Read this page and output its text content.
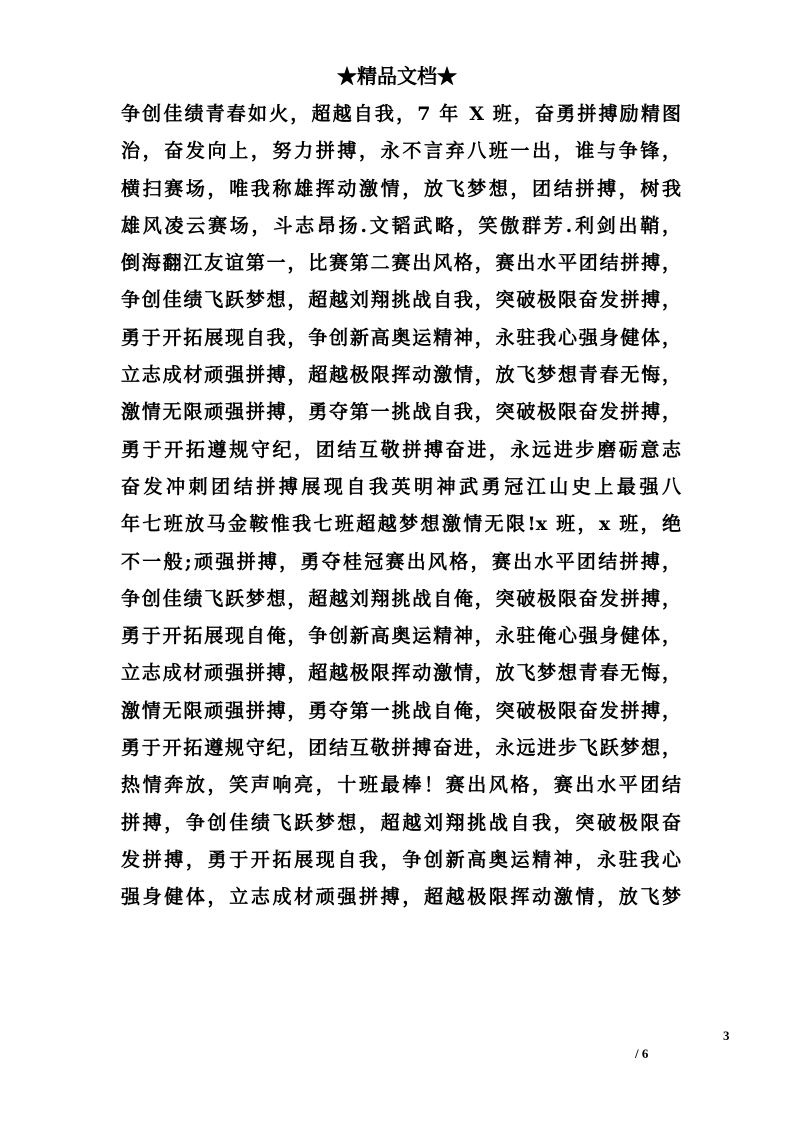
★精品文档★
争创佳绩青春如火，超越自我，7 年 X 班，奋勇拼搏励精图
治，奋发向上，努力拼搏，永不言弃八班一出，谁与争锋，
横扫赛场，唯我称雄挥动激情，放飞梦想，团结拼搏，树我
雄风凌云赛场，斗志昂扬.文韬武略，笑傲群芳.利剑出鞘，
倒海翻江友谊第一，比赛第二赛出风格，赛出水平团结拼搏，
争创佳绩飞跃梦想，超越刘翔挑战自我，突破极限奋发拼搏，
勇于开拓展现自我，争创新高奥运精神，永驻我心强身健体，
立志成材顽强拼搏，超越极限挥动激情，放飞梦想青春无悔，
激情无限顽强拼搏，勇夺第一挑战自我，突破极限奋发拼搏，
勇于开拓遵规守纪，团结互敬拼搏奋进，永远进步磨砺意志
奋发冲刺团结拼搏展现自我英明神武勇冠江山史上最强八
年七班放马金鞍惟我七班超越梦想激情无限!x 班，x 班，绝
不一般;顽强拼搏，勇夺桂冠赛出风格，赛出水平团结拼搏，
争创佳绩飞跃梦想，超越刘翔挑战自俺，突破极限奋发拼搏，
勇于开拓展现自俺，争创新高奥运精神，永驻俺心强身健体，
立志成材顽强拼搏，超越极限挥动激情，放飞梦想青春无悔，
激情无限顽强拼搏，勇夺第一挑战自俺，突破极限奋发拼搏，
勇于开拓遵规守纪，团结互敬拼搏奋进，永远进步飞跃梦想，
热情奔放，笑声响亮，十班最棒！赛出风格，赛出水平团结
拼搏，争创佳绩飞跃梦想，超越刘翔挑战自我，突破极限奋
发拼搏，勇于开拓展现自我，争创新高奥运精神，永驻我心
强身健体，立志成材顽强拼搏，超越极限挥动激情，放飞梦
3
/ 6
